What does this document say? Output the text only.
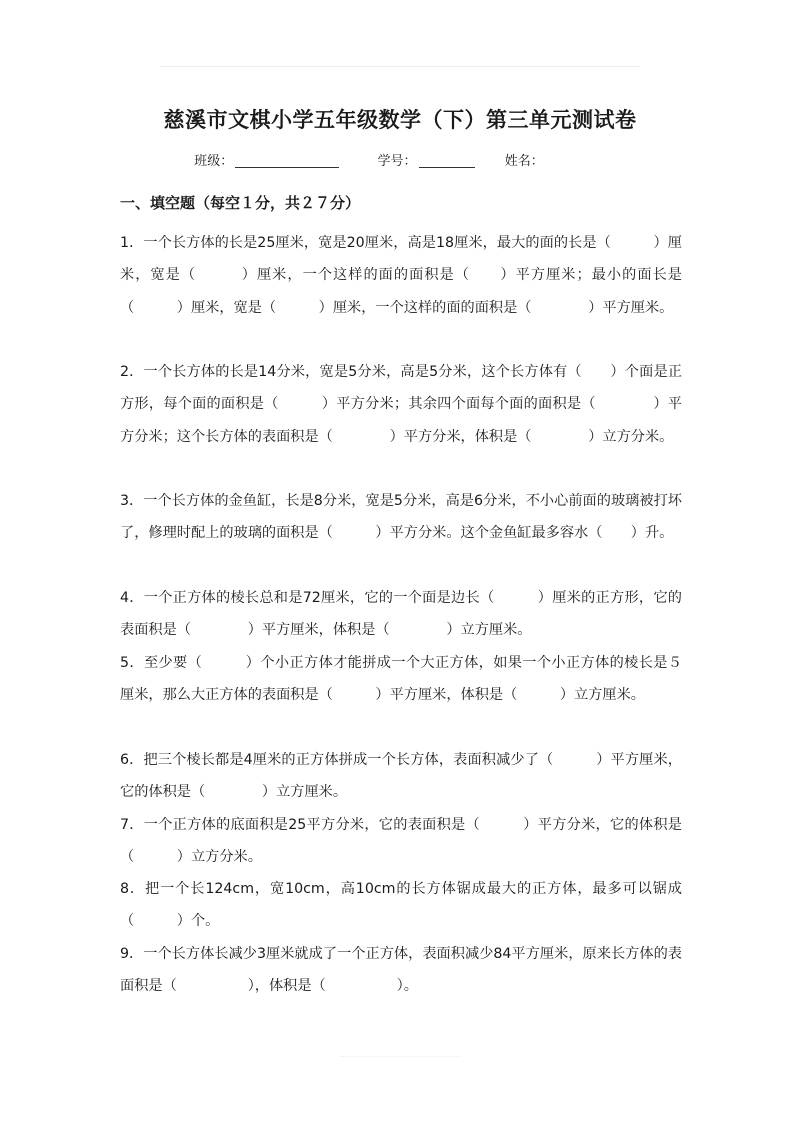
慈溪市文棋小学五年级数学（下）第三单元测试卷
班级：	学号：	姓名：
一、填空题（每空１分，共２７分）
1．一个长方体的长是25厘米，宽是20厘米，高是18厘米，最大的面的长是（　　　）厘米，宽是（　　　）厘米，一个这样的面的面积是（　　）平方厘米；最小的面长是（　　　）厘米，宽是（　　　）厘米，一个这样的面的面积是（　　　　）平方厘米。
2．一个长方体的长是14分米，宽是5分米，高是5分米，这个长方体有（　　）个面是正方形，每个面的面积是（　　　）平方分米；其余四个面每个面的面积是（　　　　）平方分米；这个长方体的表面积是（　　　　）平方分米，体积是（　　　　）立方分米。
3．一个长方体的金鱼缸，长是8分米，宽是5分米，高是6分米，不小心前面的玻璃被打坏了，修理时配上的玻璃的面积是（　　　）平方分米。这个金鱼缸最多容水（　　）升。
4．一个正方体的棱长总和是72厘米，它的一个面是边长（　　　）厘米的正方形，它的表面积是（　　　　）平方厘米，体积是（　　　　）立方厘米。
5．至少要（　　　）个小正方体才能拼成一个大正方体，如果一个小正方体的棱长是５厘米，那么大正方体的表面积是（　　　）平方厘米，体积是（　　　）立方厘米。
6．把三个棱长都是4厘米的正方体拼成一个长方体，表面积减少了（　　　）平方厘米，它的体积是（　　　　）立方厘米。
7．一个正方体的底面积是25平方分米，它的表面积是（　　　）平方分米，它的体积是（　　　）立方分米。
8．把一个长124cm，宽10cm，高10cm的长方体锯成最大的正方体，最多可以锯成（　　　）个。
9．一个长方体长减少3厘米就成了一个正方体，表面积减少84平方厘米，原来长方体的表面积是（　　　　　），体积是（　　　　　）。
